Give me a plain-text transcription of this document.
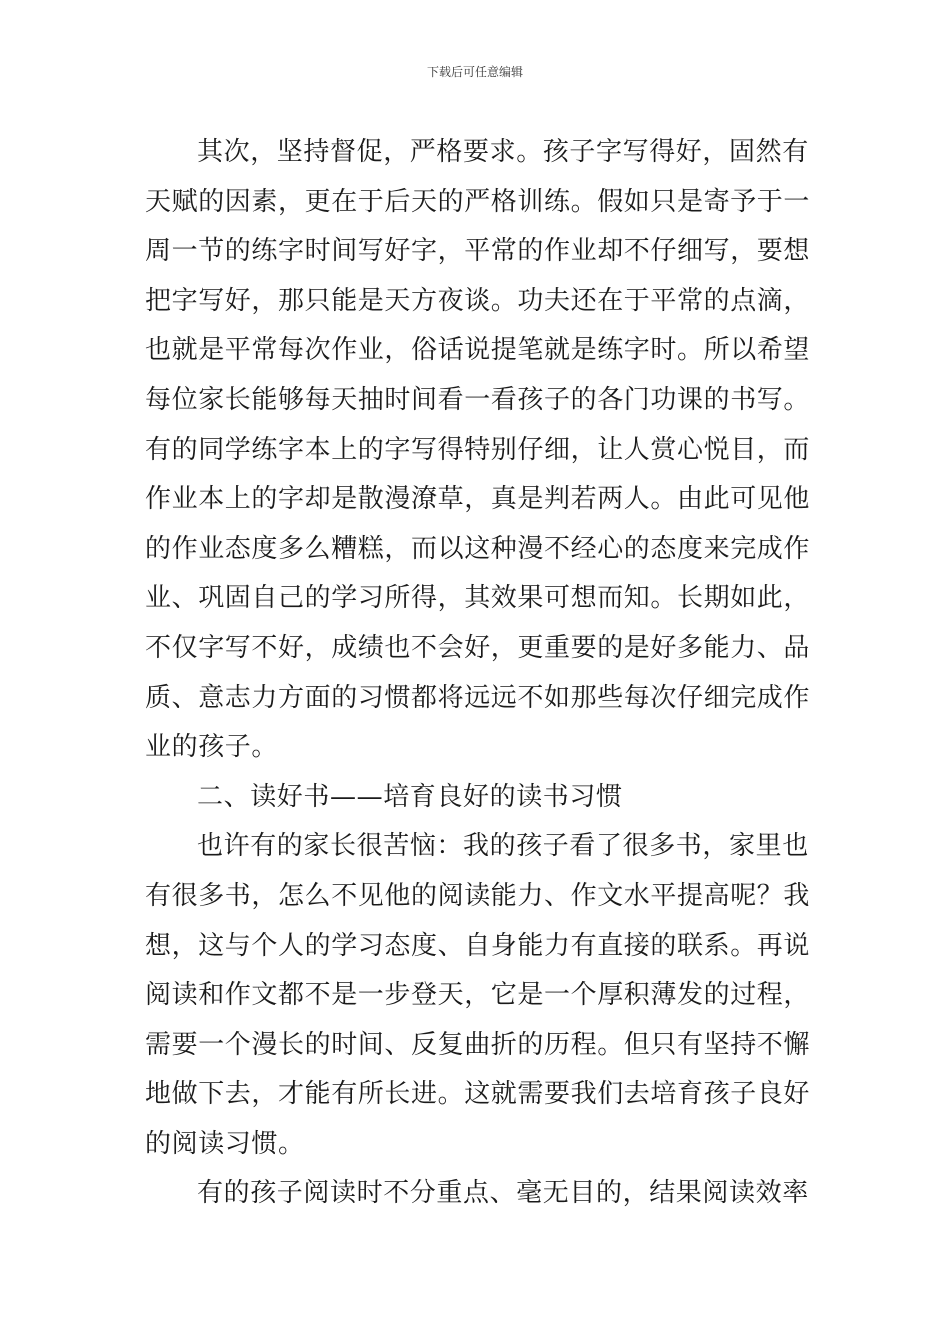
下载后可任意编辑
其次，坚持督促，严格要求。孩子字写得好，固然有
天赋的因素，更在于后天的严格训练。假如只是寄予于一
周一节的练字时间写好字，平常的作业却不仔细写，要想
把字写好，那只能是天方夜谈。功夫还在于平常的点滴，
也就是平常每次作业，俗话说提笔就是练字时。所以希望
每位家长能够每天抽时间看一看孩子的各门功课的书写。
有的同学练字本上的字写得特别仔细，让人赏心悦目，而
作业本上的字却是散漫潦草，真是判若两人。由此可见他
的作业态度多么糟糕，而以这种漫不经心的态度来完成作
业、巩固自己的学习所得，其效果可想而知。长期如此，
不仅字写不好，成绩也不会好，更重要的是好多能力、品
质、意志力方面的习惯都将远远不如那些每次仔细完成作
业的孩子。
二、读好书——培育良好的读书习惯
也许有的家长很苦恼：我的孩子看了很多书，家里也
有很多书，怎么不见他的阅读能力、作文水平提高呢？我
想，这与个人的学习态度、自身能力有直接的联系。再说
阅读和作文都不是一步登天，它是一个厚积薄发的过程，
需要一个漫长的时间、反复曲折的历程。但只有坚持不懈
地做下去，才能有所长进。这就需要我们去培育孩子良好
的阅读习惯。
有的孩子阅读时不分重点、毫无目的，结果阅读效率
